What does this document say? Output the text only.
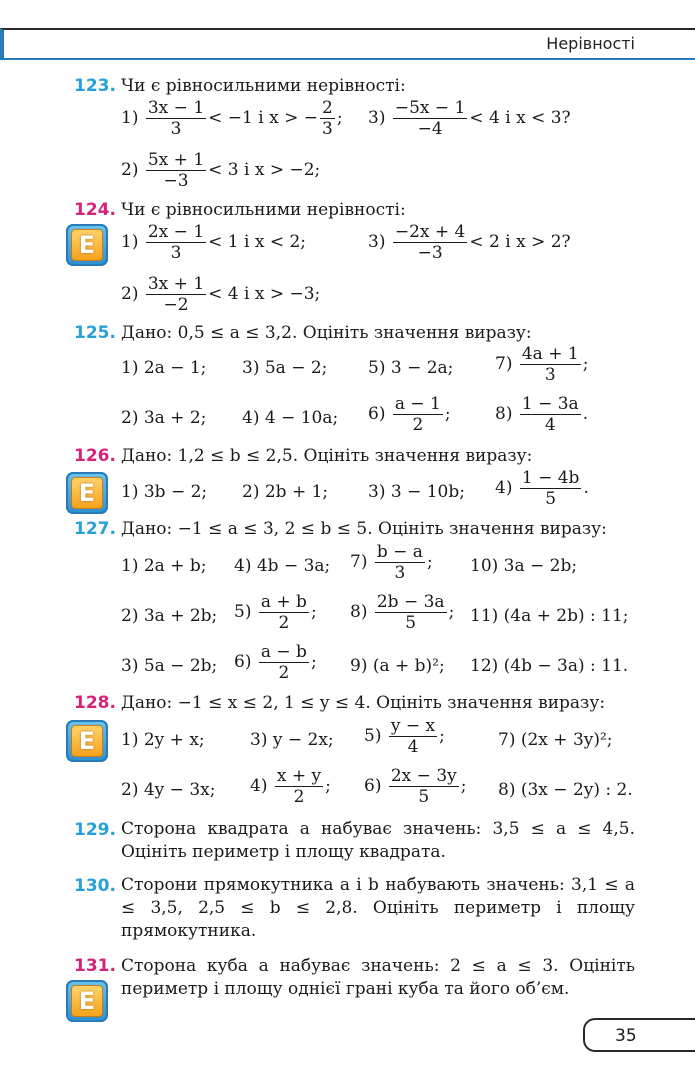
Нерівності
123. Чи є рівносильними нерівності:
$1) \frac{3x - 1}{3} < -1$ і x > − $\frac{2}{3}$ ; $3) \frac{-5x - 1}{-4} < 4$ і x < 3?
$2) \frac{5x + 1}{-3} < 3$ і x > −2;
124. Чи є рівносильними нерівності:
E	$1) \frac{2x - 1}{3} < 1$ і x < 2;	$3) \frac{-2x + 4}{-3} < 2$ і x > 2?
$2) \frac{3x + 1}{-2} < 4$ і x > −3;
125. Дано: 0,5 ≤ a ≤ 3,2. Оцініть значення виразу:
1) 2a − 1; 3) 5a − 2; 5) 3 − 2a; $7) \frac{4a + 1}{3}$ ;
2) 3a + 2; 4) 4 − 10a; $6) \frac{a - 1}{2}$ ;	$8) \frac{1 - 3a}{4}$ .
126. Дано: 1,2 ≤ b ≤ 2,5. Оцініть значення виразу:
E	1) 3b − 2; 2) 2b + 1; 3) 3 − 10b; $4) \frac{1 - 4b}{5}$ .
127. Дано: −1 ≤ a ≤ 3, 2 ≤ b ≤ 5. Оцініть значення виразу:
1) 2a + b; 4) 4b − 3a; $7) \frac{b - a}{3}$ ; 10) 3a − 2b;
2) 3a + 2b; $5) \frac{a + b}{2}$ ; $8) \frac{2b - 3a}{5}$ ; 11) (4a + 2b) : 11;
3) 5a − 2b; $6) \frac{a - b}{2}$ ; 9) (a + b)²; 12) (4b − 3a) : 11.
128. Дано: −1 ≤ x ≤ 2, 1 ≤ y ≤ 4. Оцініть значення виразу:
E	1) 2y + x;	3) y − 2x; $5) \frac{y - x}{4}$ ;	7) (2x + 3y)²;
2) 4y − 3x; $4) \frac{x + y}{2}$ ; $6) \frac{2x - 3y}{5}$ ; 8) (3x − 2y) : 2.
129. Сторона квадрата a набуває значень: 3,5 ≤ a ≤ 4,5. Оцініть периметр і площу квадрата.
130. Сторони прямокутника a і b набувають значень: 3,1 ≤ a ≤ 3,5, 2,5 ≤ b ≤ 2,8. Оцініть периметр і площу прямокутника.
131. Сторона куба a набуває значень: 2 ≤ a ≤ 3. Оцініть периметр і площу однієї грані куба та його об’єм.
E
35
